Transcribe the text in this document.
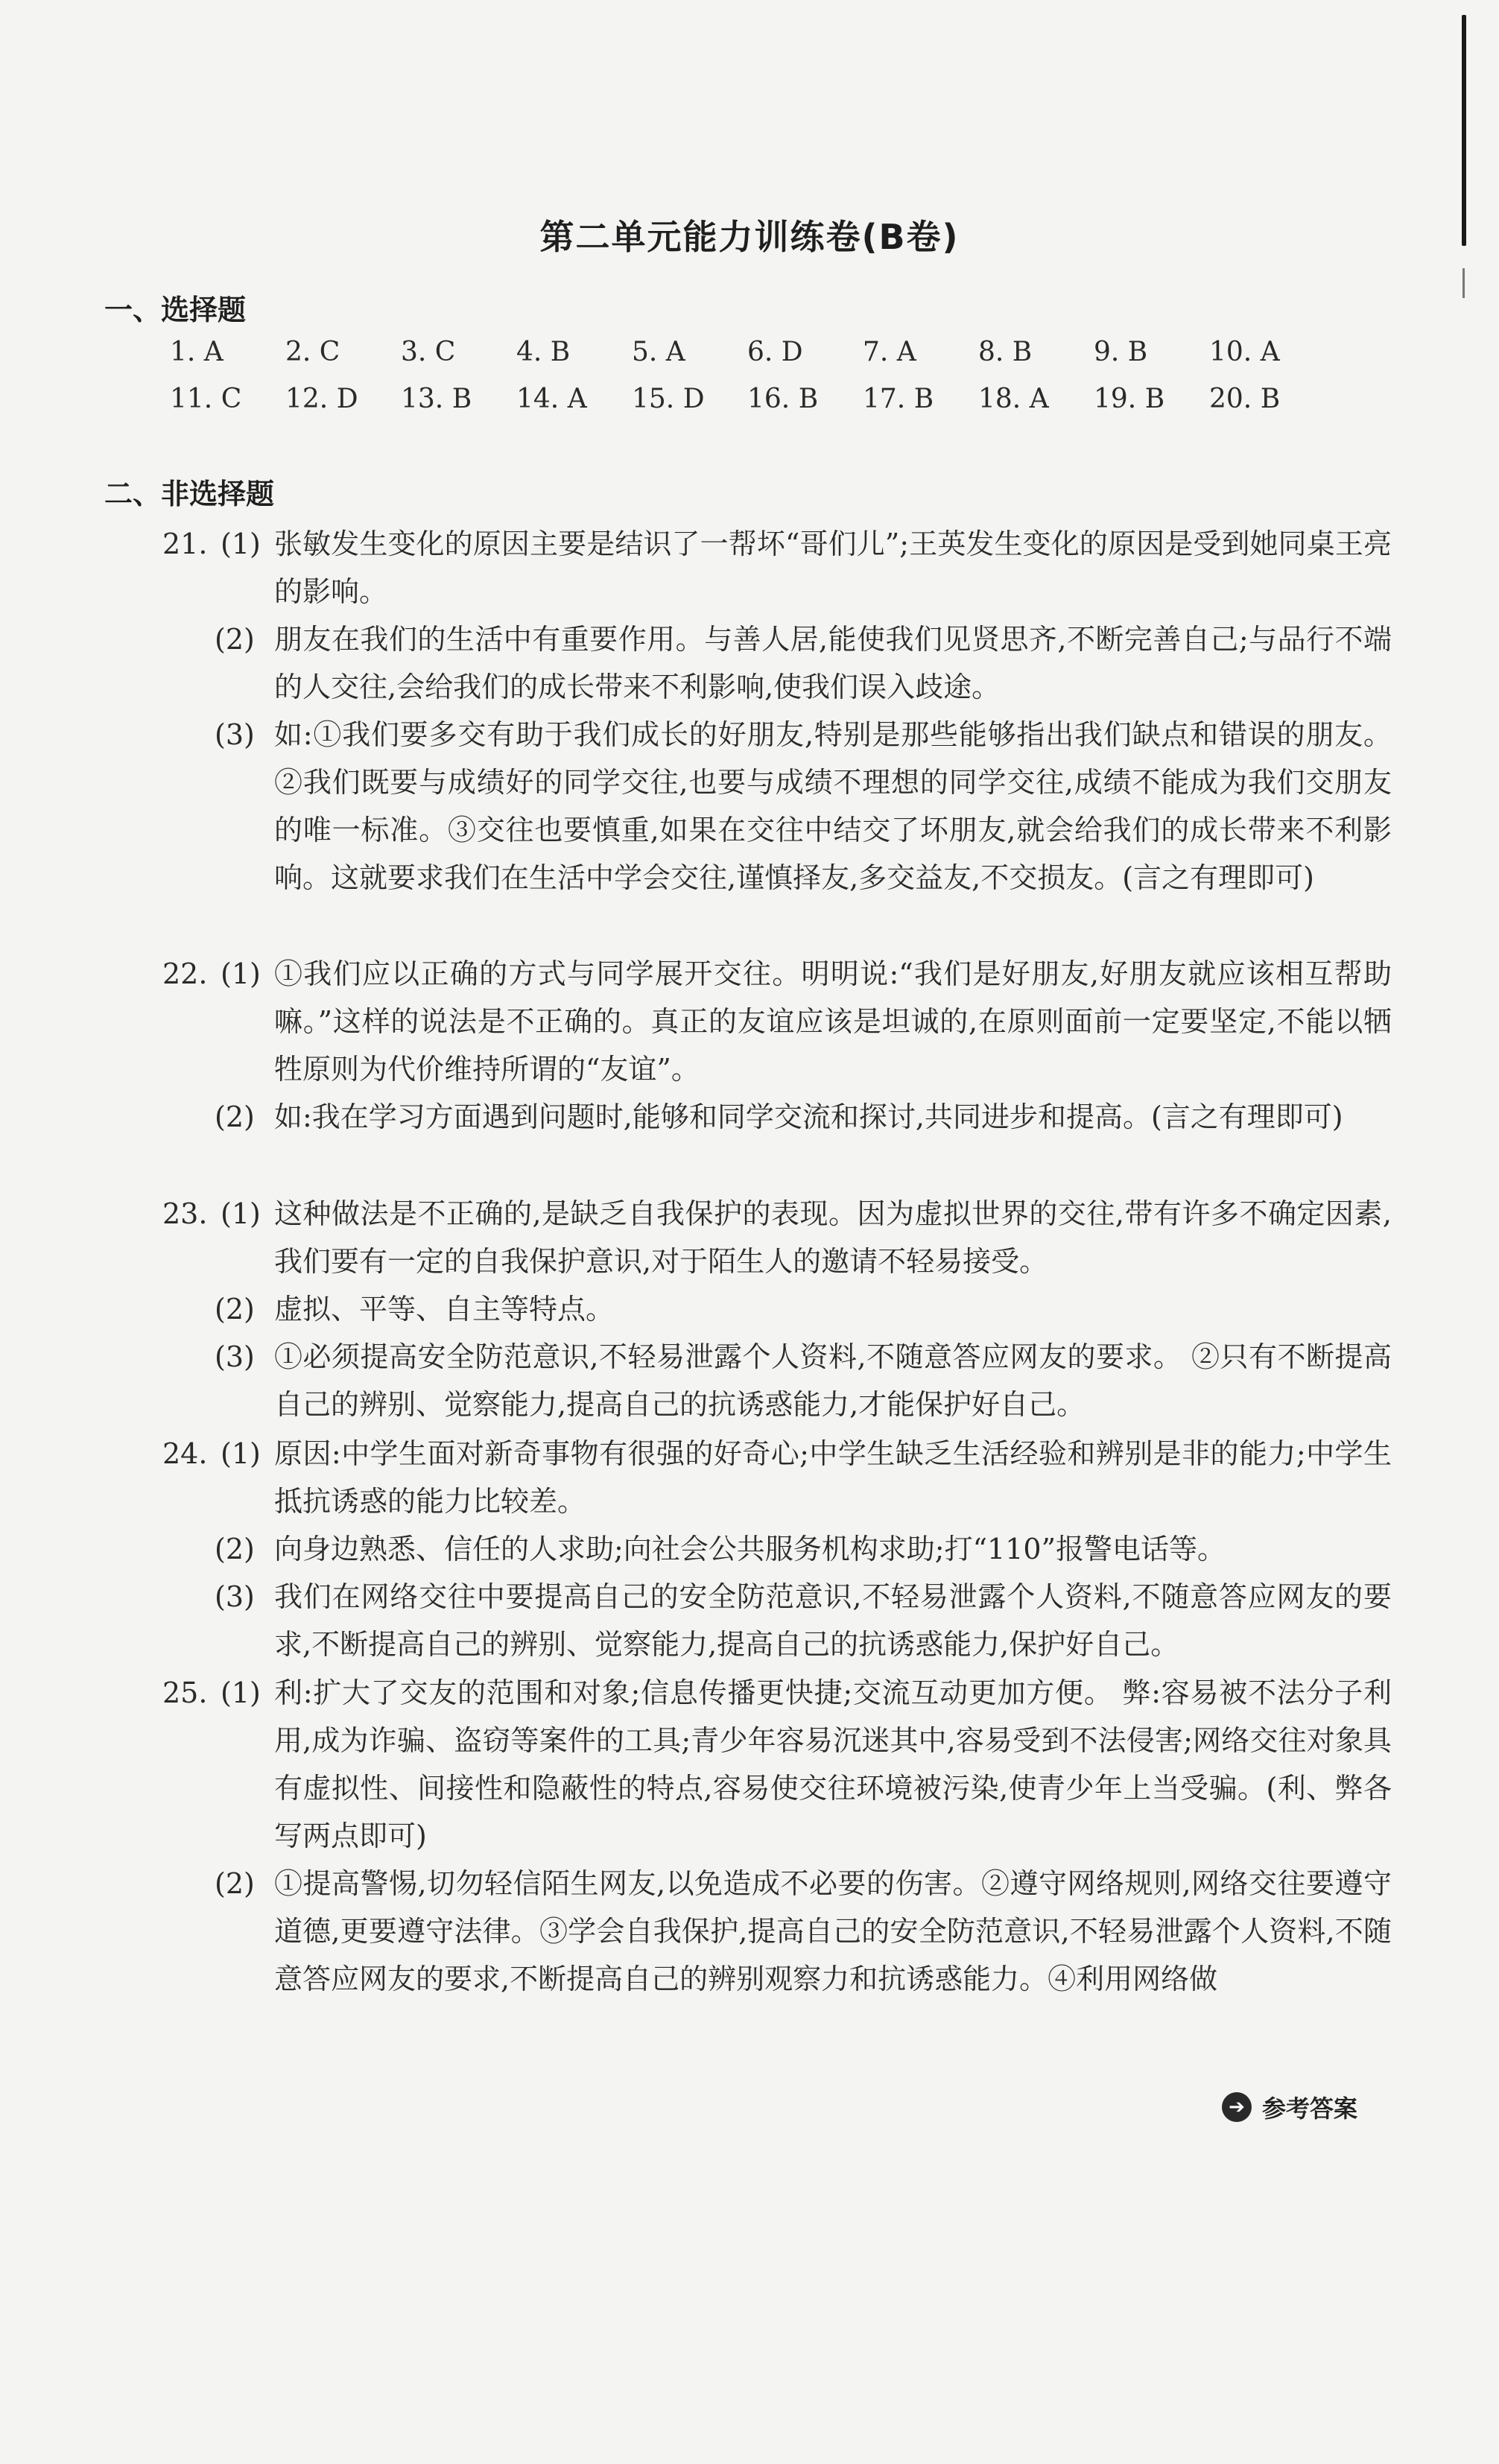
第二单元能力训练卷(B卷)
一、选择题
1. A	2. C	3. C	4. B	5. A	6. D	7. A	8. B	9. B	10. A
11. C	12. D	13. B	14. A	15. D	16. B	17. B	18. A	19. B	20. B
二、非选择题
21. (1) 张敏发生变化的原因主要是结识了一帮坏“哥们儿”;王英发生变化的原因是受到她同桌王亮的影响。
(2) 朋友在我们的生活中有重要作用。与善人居,能使我们见贤思齐,不断完善自己;与品行不端的人交往,会给我们的成长带来不利影响,使我们误入歧途。
(3) 如:①我们要多交有助于我们成长的好朋友,特别是那些能够指出我们缺点和错误的朋友。②我们既要与成绩好的同学交往,也要与成绩不理想的同学交往,成绩不能成为我们交朋友的唯一标准。③交往也要慎重,如果在交往中结交了坏朋友,就会给我们的成长带来不利影响。这就要求我们在生活中学会交往,谨慎择友,多交益友,不交损友。(言之有理即可)
22. (1) ①我们应以正确的方式与同学展开交往。明明说:“我们是好朋友,好朋友就应该相互帮助嘛。”这样的说法是不正确的。真正的友谊应该是坦诚的,在原则面前一定要坚定,不能以牺牲原则为代价维持所谓的“友谊”。
(2) 如:我在学习方面遇到问题时,能够和同学交流和探讨,共同进步和提高。(言之有理即可)
23. (1) 这种做法是不正确的,是缺乏自我保护的表现。因为虚拟世界的交往,带有许多不确定因素,我们要有一定的自我保护意识,对于陌生人的邀请不轻易接受。
(2) 虚拟、平等、自主等特点。
(3) ①必须提高安全防范意识,不轻易泄露个人资料,不随意答应网友的要求。 ②只有不断提高自己的辨别、觉察能力,提高自己的抗诱惑能力,才能保护好自己。
24. (1) 原因:中学生面对新奇事物有很强的好奇心;中学生缺乏生活经验和辨别是非的能力;中学生抵抗诱惑的能力比较差。
(2) 向身边熟悉、信任的人求助;向社会公共服务机构求助;打“110”报警电话等。
(3) 我们在网络交往中要提高自己的安全防范意识,不轻易泄露个人资料,不随意答应网友的要求,不断提高自己的辨别、觉察能力,提高自己的抗诱惑能力,保护好自己。
25. (1) 利:扩大了交友的范围和对象;信息传播更快捷;交流互动更加方便。 弊:容易被不法分子利用,成为诈骗、盗窃等案件的工具;青少年容易沉迷其中,容易受到不法侵害;网络交往对象具有虚拟性、间接性和隐蔽性的特点,容易使交往环境被污染,使青少年上当受骗。(利、弊各写两点即可)
(2) ①提高警惕,切勿轻信陌生网友,以免造成不必要的伤害。②遵守网络规则,网络交往要遵守道德,更要遵守法律。③学会自我保护,提高自己的安全防范意识,不轻易泄露个人资料,不随意答应网友的要求,不断提高自己的辨别观察力和抗诱惑能力。④利用网络做
➔ 参考答案
